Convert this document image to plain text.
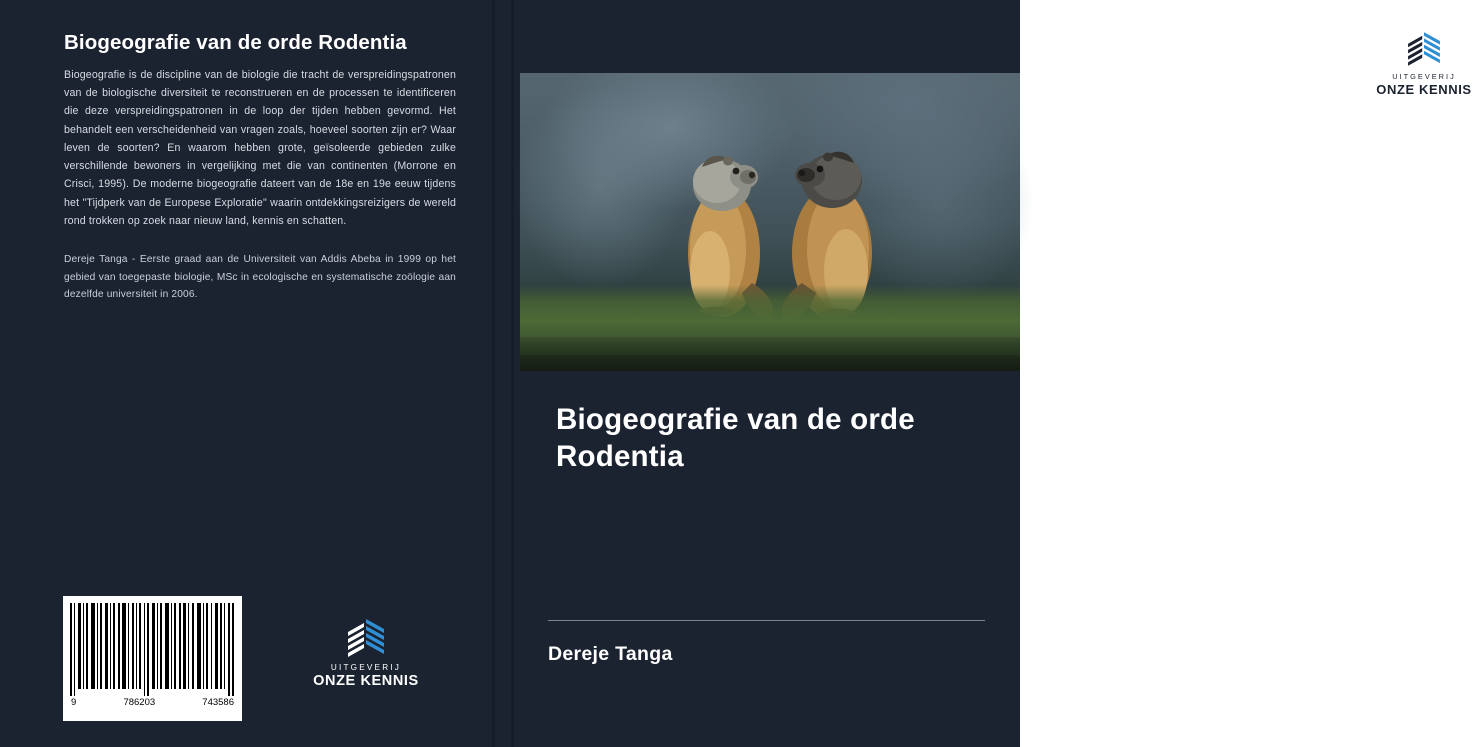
Biogeografie van de orde Rodentia
Biogeografie is de discipline van de biologie die tracht de verspreidingspatronen van de biologische diversiteit te reconstrueren en de processen te identificeren die deze verspreidingspatronen in de loop der tijden hebben gevormd. Het behandelt een verscheidenheid van vragen zoals, hoeveel soorten zijn er? Waar leven de soorten? En waarom hebben grote, geïsoleerde gebieden zulke verschillende bewoners in vergelijking met die van continenten (Morrone en Crisci, 1995). De moderne biogeografie dateert van de 18e en 19e eeuw tijdens het "Tijdperk van de Europese Exploratie" waarin ontdekkingsreizigers de wereld rond trokken op zoek naar nieuw land, kennis en schatten.
Dereje Tanga - Eerste graad aan de Universiteit van Addis Abeba in 1999 op het gebied van toegepaste biologie, MSc in ecologische en systematische zoölogie aan dezelfde universiteit in 2006.
9	786203	743586
UITGEVERIJ
ONZE KENNIS
UITGEVERIJ
ONZE KENNIS
Biogeografie van de orde Rodentia
Dereje Tanga
